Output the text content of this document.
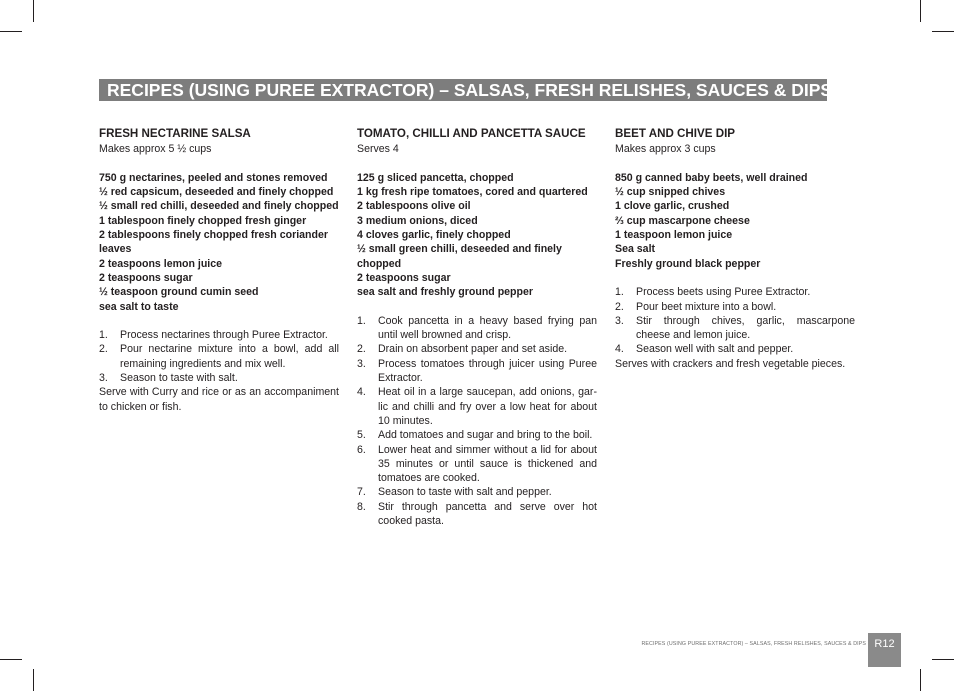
RECIPES (USING PUREE EXTRACTOR) – SALSAS, FRESH RELISHES, SAUCES & DIPS
FRESH NECTARINE SALSA
Makes approx 5 ½ cups
750 g nectarines, peeled and stones removed
½ red capsicum, deseeded and finely chopped
½ small red chilli, deseeded and finely chopped
1 tablespoon finely chopped fresh ginger
2 tablespoons finely chopped fresh coriander leaves
2 teaspoons lemon juice
2 teaspoons sugar
½ teaspoon ground cumin seed
sea salt to taste
1.	Process nectarines through Puree Extractor.
2.	Pour nectarine mixture into a bowl, add all remaining ingredients and mix well.
3.	Season to taste with salt.
Serve with Curry and rice or as an accompaniment to chicken or fish.
TOMATO, CHILLI AND PANCETTA SAUCE
Serves 4
125 g sliced pancetta, chopped
1 kg fresh ripe tomatoes, cored and quartered
2 tablespoons olive oil
3 medium onions, diced
4 cloves garlic, finely chopped
½ small green chilli, deseeded and finely chopped
2 teaspoons sugar
sea salt and freshly ground pepper
1.	Cook pancetta in a heavy based frying pan until well browned and crisp.
2.	Drain on absorbent paper and set aside.
3.	Process tomatoes through juicer using Puree Extractor.
4.	Heat oil in a large saucepan, add onions, garlic and chilli and fry over a low heat for about 10 minutes.
5.	Add tomatoes and sugar and bring to the boil.
6.	Lower heat and simmer without a lid for about 35 minutes or until sauce is thickened and tomatoes are cooked.
7.	Season to taste with salt and pepper.
8.	Stir through pancetta and serve over hot cooked pasta.
BEET AND CHIVE DIP
Makes approx 3 cups
850 g canned baby beets, well drained
½ cup snipped chives
1 clove garlic, crushed
⅔ cup mascarpone cheese
1 teaspoon lemon juice
Sea salt
Freshly ground black pepper
1.	Process beets using Puree Extractor.
2.	Pour beet mixture into a bowl.
3.	Stir through chives, garlic, mascarpone cheese and lemon juice.
4.	Season well with salt and pepper.
Serves with crackers and fresh vegetable pieces.
RECIPES (USING PUREE EXTRACTOR) – SALSAS, FRESH RELISHES, SAUCES & DIPS R12
